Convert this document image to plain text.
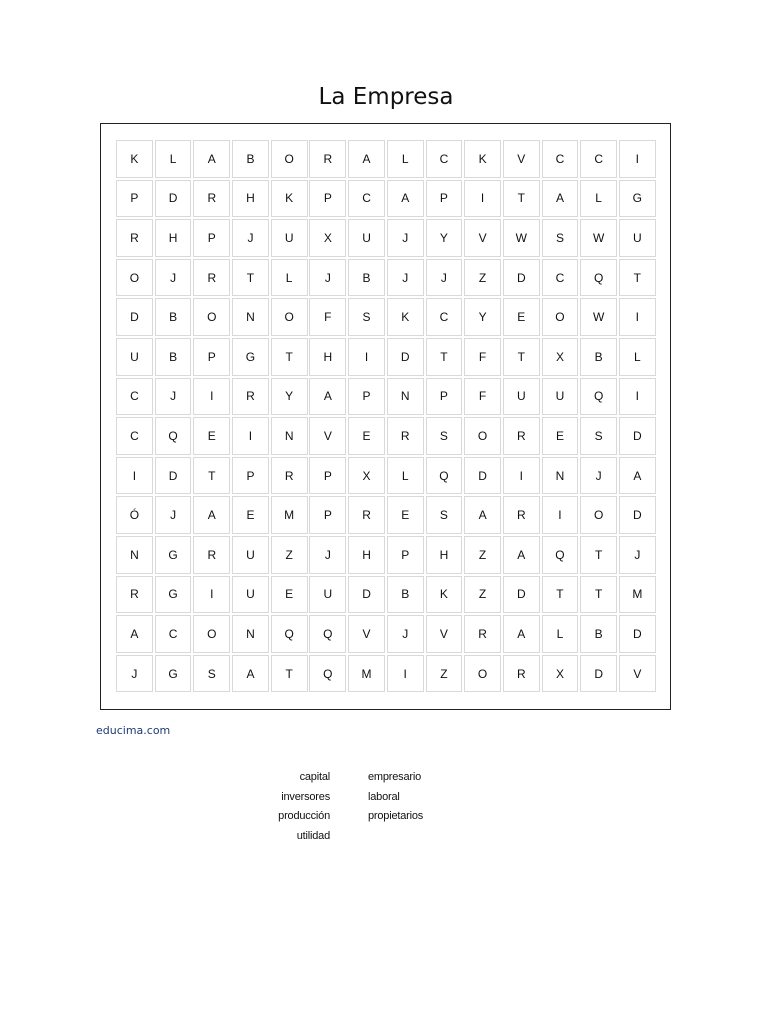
La Empresa
K	L	A	B	O	R	A	L	C	K	V	C	C	I
P	D	R	H	K	P	C	A	P	I	T	A	L	G
R	H	P	J	U	X	U	J	Y	V	W	S	W	U
O	J	R	T	L	J	B	J	J	Z	D	C	Q	T
D	B	O	N	O	F	S	K	C	Y	E	O	W	I
U	B	P	G	T	H	I	D	T	F	T	X	B	L
C	J	I	R	Y	A	P	N	P	F	U	U	Q	I
C	Q	E	I	N	V	E	R	S	O	R	E	S	D
I	D	T	P	R	P	X	L	Q	D	I	N	J	A
Ó	J	A	E	M	P	R	E	S	A	R	I	O	D
N	G	R	U	Z	J	H	P	H	Z	A	Q	T	J
R	G	I	U	E	U	D	B	K	Z	D	T	T	M
A	C	O	N	Q	Q	V	J	V	R	A	L	B	D
J	G	S	A	T	Q	M	I	Z	O	R	X	D	V
educima.com
capital
inversores
producción
utilidad
empresario
laboral
propietarios
